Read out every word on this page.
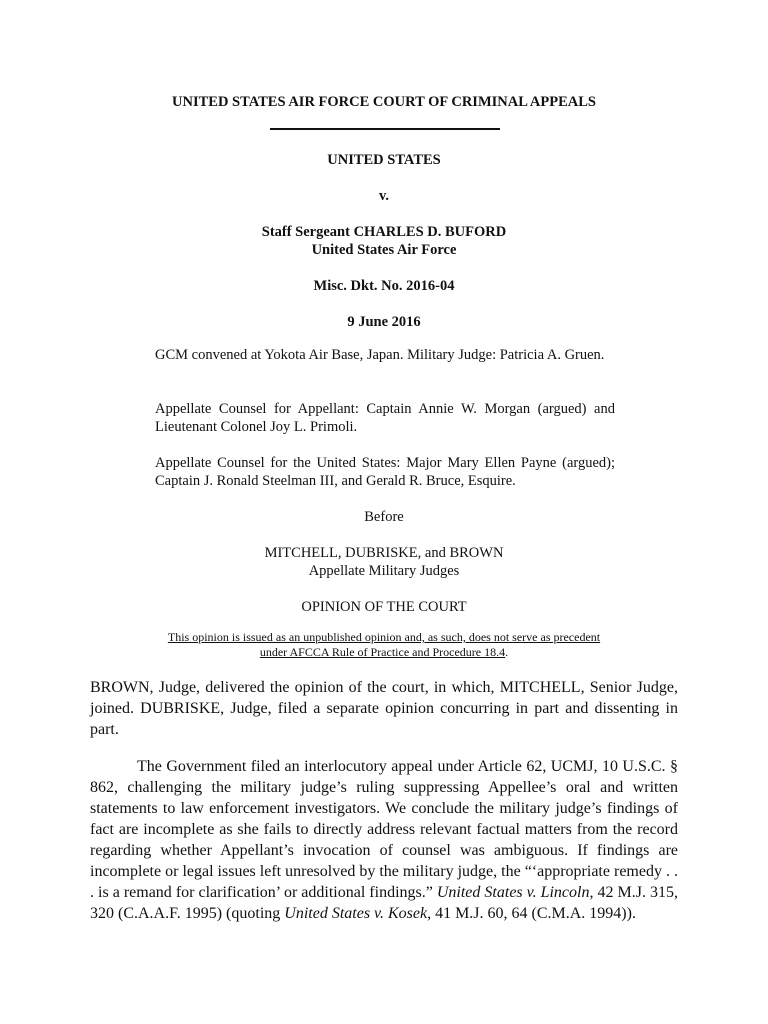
UNITED STATES AIR FORCE COURT OF CRIMINAL APPEALS
UNITED STATES
v.
Staff Sergeant CHARLES D. BUFORD
United States Air Force
Misc. Dkt. No. 2016-04
9 June 2016

GCM convened at Yokota Air Base, Japan. Military Judge: Patricia A. Gruen.

Appellate Counsel for Appellant: Captain Annie W. Morgan (argued) and Lieutenant Colonel Joy L. Primoli.

Appellate Counsel for the United States: Major Mary Ellen Payne (argued); Captain J. Ronald Steelman III, and Gerald R. Bruce, Esquire.

Before
MITCHELL, DUBRISKE, and BROWN
Appellate Military Judges
OPINION OF THE COURT
This opinion is issued as an unpublished opinion and, as such, does not serve as precedent
under AFCCA Rule of Practice and Procedure 18.4.

BROWN, Judge, delivered the opinion of the court, in which, MITCHELL, Senior Judge, joined. DUBRISKE, Judge, filed a separate opinion concurring in part and dissenting in part.

The Government filed an interlocutory appeal under Article 62, UCMJ, 10 U.S.C. § 862, challenging the military judge’s ruling suppressing Appellee’s oral and written statements to law enforcement investigators. We conclude the military judge’s findings of fact are incomplete as she fails to directly address relevant factual matters from the record regarding whether Appellant’s invocation of counsel was ambiguous. If findings are incomplete or legal issues left unresolved by the military judge, the “‘appropriate remedy . . . is a remand for clarification’ or additional findings.” United States v. Lincoln, 42 M.J. 315, 320 (C.A.A.F. 1995) (quoting United States v. Kosek, 41 M.J. 60, 64 (C.M.A. 1994)).
